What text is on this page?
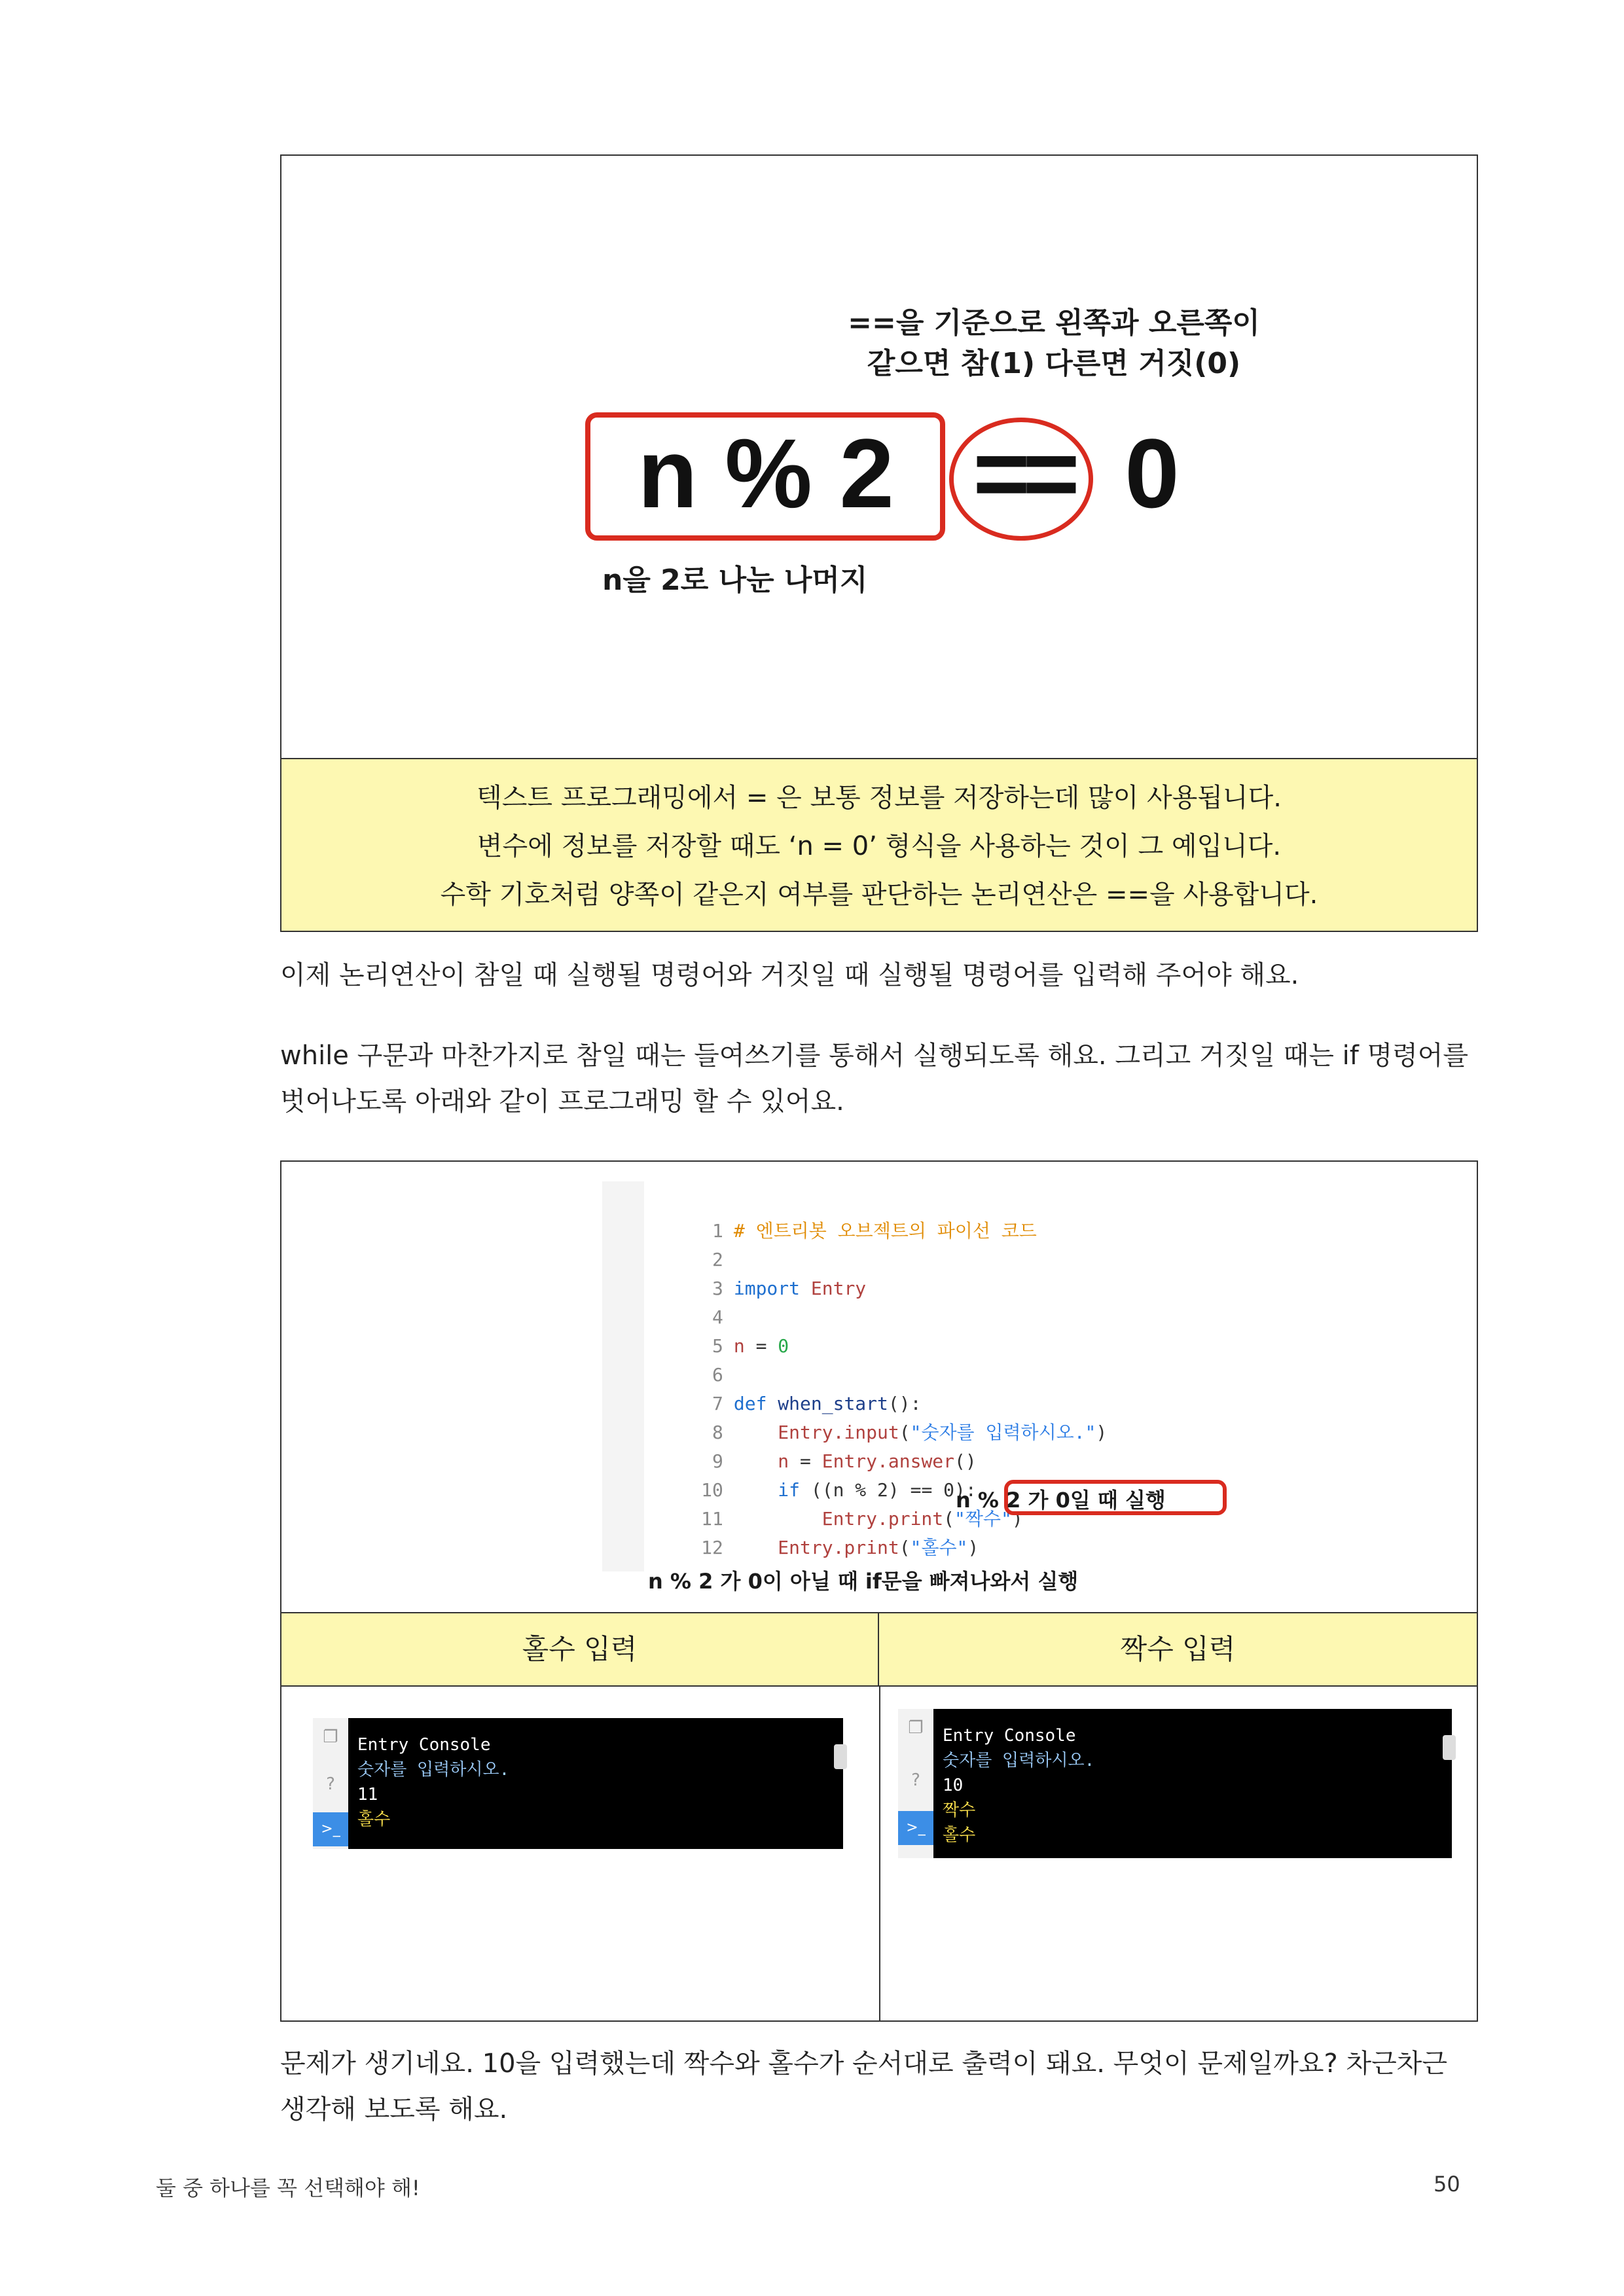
==을 기준으로 왼쪽과 오른쪽이
같으면 참(1) 다른면 거짓(0)
n % 2 == 0
n을 2로 나눈 나머지
텍스트 프로그래밍에서 = 은 보통 정보를 저장하는데 많이 사용됩니다.
변수에 정보를 저장할 때도 ‘n = 0’ 형식을 사용하는 것이 그 예입니다.
수학 기호처럼 양쪽이 같은지 여부를 판단하는 논리연산은 ==을 사용합니다.
이제 논리연산이 참일 때 실행될 명령어와 거짓일 때 실행될 명령어를 입력해 주어야 해요.
while 구문과 마찬가지로 참일 때는 들여쓰기를 통해서 실행되도록 해요. 그리고 거짓일 때는 if 명령어를 벗어나도록 아래와 같이 프로그래밍 할 수 있어요.

1 # 엔트리봇 오브젝트의 파이선 코드

2

3 import Entry

4

5 n = 0

6

7 def when_start():

8    Entry.input("숫자를 입력하시오.")

9    n = Entry.answer()

10    if ((n % 2) == 0):

11        Entry.print("짝수")

12    Entry.print("홀수")

n % 2 가 0일 때 실행
n % 2 가 0이 아닐 때 if문을 빠져나와서 실행
홀수 입력	짝수 입력
❐
?
>_
Entry Console
숫자를 입력하시오.
11
홀수
❐
?
>_
Entry Console
숫자를 입력하시오.
10
짝수
홀수
문제가 생기네요. 10을 입력했는데 짝수와 홀수가 순서대로 출력이 돼요. 무엇이 문제일까요? 차근차근 생각해 보도록 해요.
둘 중 하나를 꼭 선택해야 해!	50
